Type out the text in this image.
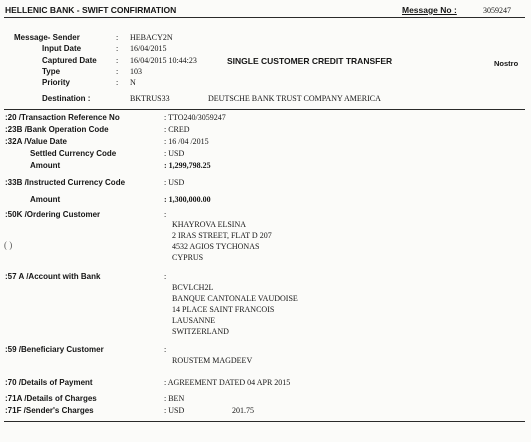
HELLENIC BANK - SWIFT CONFIRMATION	Message No :	3059247
Message- Sender	: HEBACY2N
Input Date	: 16/04/2015
Captured Date : 16/04/2015 10:44:23
Type	: 103
Priority	: N
Destination :	BKTRUS33	DEUTSCHE BANK TRUST COMPANY AMERICA
SINGLE CUSTOMER CREDIT TRANSFER	Nostro
:20 /Transaction Reference No	: TTO240/3059247
:23B /Bank Operation Code	: CRED
:32A /Value Date	: 16 /04 /2015
Settled Currency Code	: USD
Amount	: 1,299,798.25
:33B /Instructed Currency Code	: USD
Amount	: 1,300,000.00
:50K /Ordering Customer	:
KHAYROVA ELSINA
2 IRAS STREET, FLAT D 207
4532 AGIOS TYCHONAS
CYPRUS
( )
:57 A /Account with Bank	:
BCVLCH2L
BANQUE CANTONALE VAUDOISE
14 PLACE SAINT FRANCOIS
LAUSANNE
SWITZERLAND
:59 /Beneficiary Customer	:
ROUSTEM MAGDEEV
:70 /Details of Payment	: AGREEMENT DATED 04 APR 2015
:71A /Details of Charges	: BEN
:71F /Sender's Charges	: USD	201.75
